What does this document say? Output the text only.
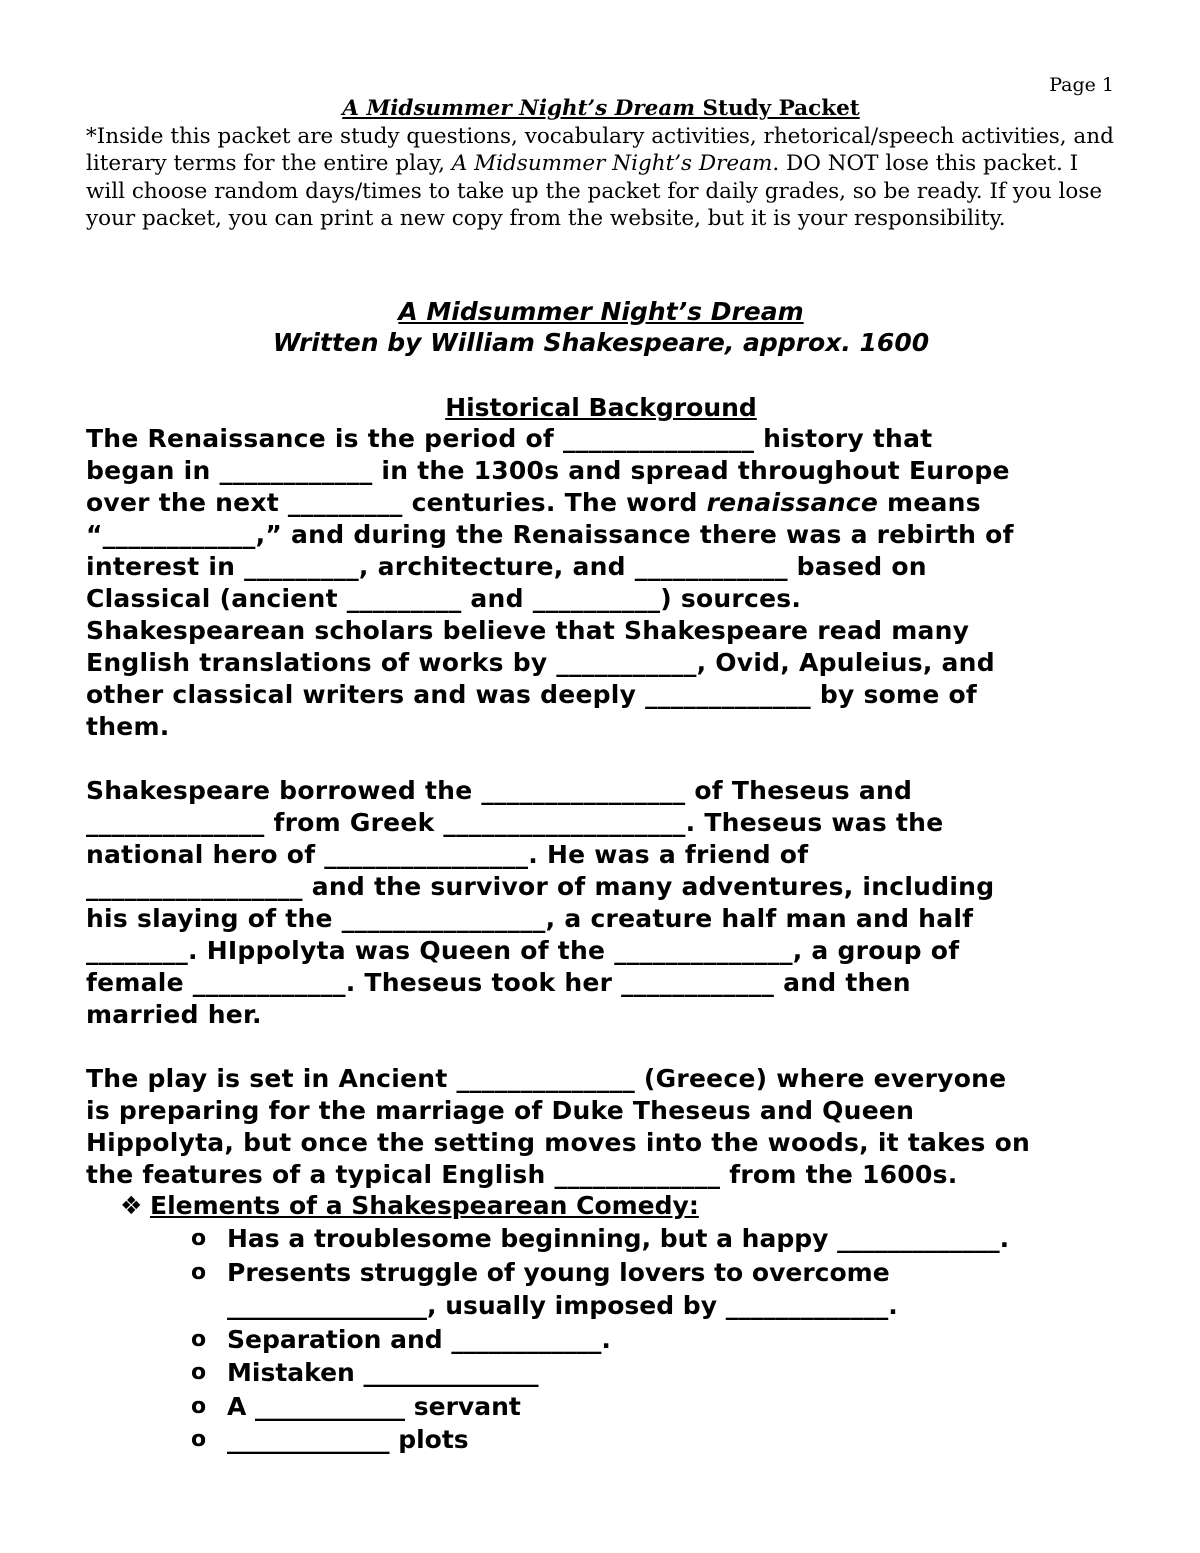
Page 1
A Midsummer Night’s Dream Study Packet

*Inside this packet are study questions, vocabulary activities, rhetorical/speech activities, and literary terms for the entire play, A Midsummer Night’s Dream. DO NOT lose this packet. I will choose random days/times to take up the packet for daily grades, so be ready. If you lose your packet, you can print a new copy from the website, but it is your responsibility.

A Midsummer Night’s Dream
Written by William Shakespeare, approx. 1600
Historical Background

The Renaissance is the period of _______________ history that

began in ____________ in the 1300s and spread throughout Europe

over the next _________ centuries. The word renaissance means

“____________,” and during the Renaissance there was a rebirth of

interest in _________, architecture, and ____________ based on

Classical (ancient _________ and __________) sources.

Shakespearean scholars believe that Shakespeare read many

English translations of works by ___________, Ovid, Apuleius, and

other classical writers and was deeply _____________ by some of

them.

Shakespeare borrowed the ________________ of Theseus and

______________ from Greek ___________________. Theseus was the

national hero of ________________. He was a friend of

_________________ and the survivor of many adventures, including

his slaying of the ________________, a creature half man and half

________. HIppolyta was Queen of the ______________, a group of

female ____________. Theseus took her ____________ and then

married her.

The play is set in Ancient ______________ (Greece) where everyone

is preparing for the marriage of Duke Theseus and Queen

Hippolyta, but once the setting moves into the woods, it takes on

the features of a typical English _____________ from the 1600s.

❖ Elements of a Shakespearean Comedy:
o Has a troublesome beginning, but a happy _____________.
o Presents struggle of young lovers to overcome
________________, usually imposed by _____________.
o Separation and ____________.
o Mistaken ______________
o A ____________ servant
o _____________ plots
